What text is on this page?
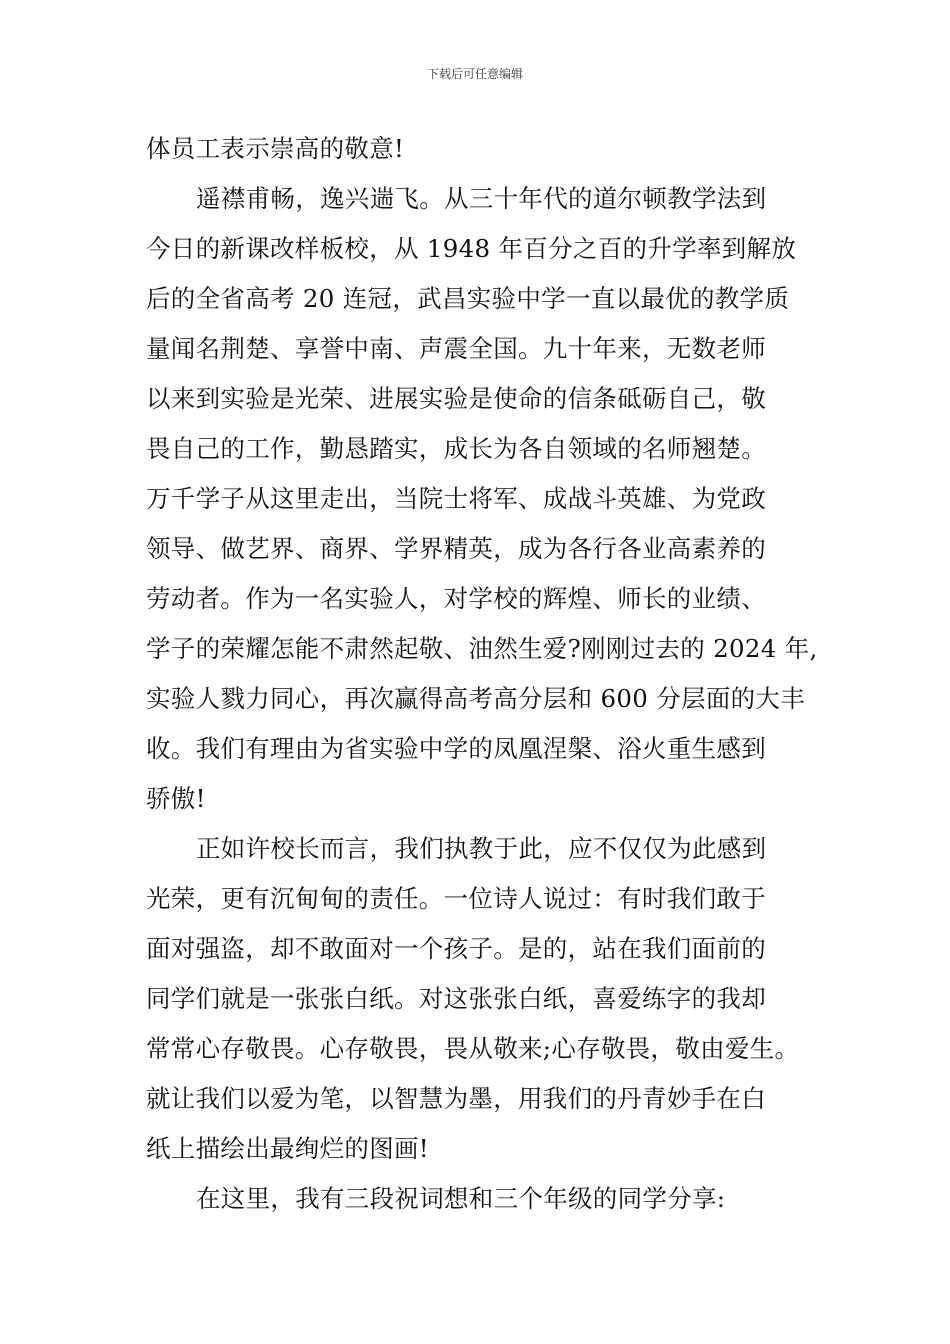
下载后可任意编辑
体员工表示崇高的敬意!
遥襟甫畅，逸兴遄飞。从三十年代的道尔顿教学法到
今日的新课改样板校，从 1948 年百分之百的升学率到解放
后的全省高考 20 连冠，武昌实验中学一直以最优的教学质
量闻名荆楚、享誉中南、声震全国。九十年来，无数老师
以来到实验是光荣、进展实验是使命的信条砥砺自己，敬
畏自己的工作，勤恳踏实，成长为各自领域的名师翘楚。
万千学子从这里走出，当院士将军、成战斗英雄、为党政
领导、做艺界、商界、学界精英，成为各行各业高素养的
劳动者。作为一名实验人，对学校的辉煌、师长的业绩、
学子的荣耀怎能不肃然起敬、油然生爱?刚刚过去的 2024 年,
实验人戮力同心，再次赢得高考高分层和 600 分层面的大丰
收。我们有理由为省实验中学的凤凰涅槃、浴火重生感到
骄傲!
正如许校长而言，我们执教于此，应不仅仅为此感到
光荣，更有沉甸甸的责任。一位诗人说过：有时我们敢于
面对强盗，却不敢面对一个孩子。是的，站在我们面前的
同学们就是一张张白纸。对这张张白纸，喜爱练字的我却
常常心存敬畏。心存敬畏，畏从敬来;心存敬畏，敬由爱生。
就让我们以爱为笔，以智慧为墨，用我们的丹青妙手在白
纸上描绘出最绚烂的图画!
在这里，我有三段祝词想和三个年级的同学分享:
